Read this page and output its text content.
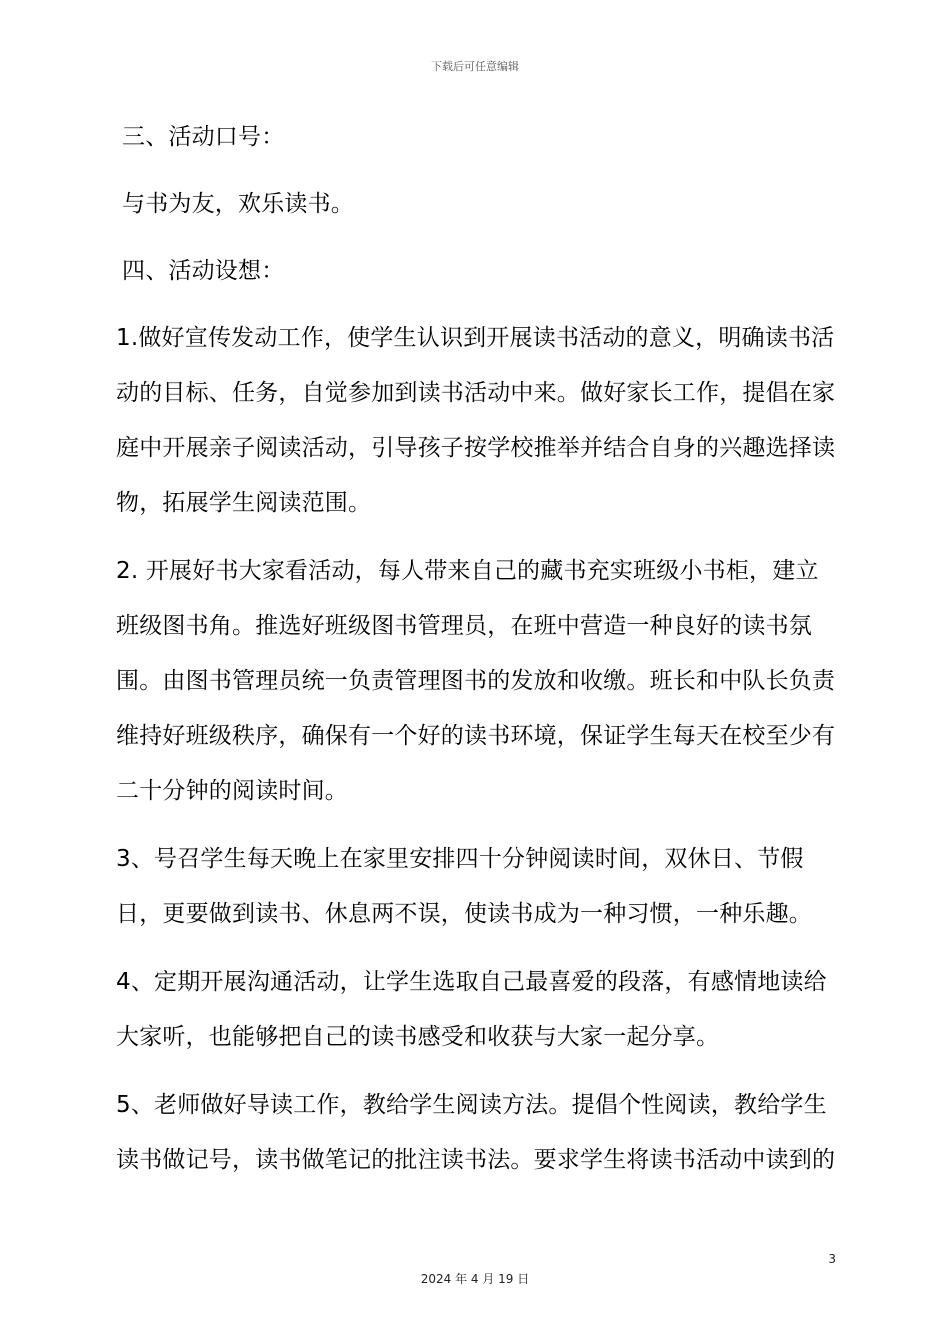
下载后可任意编辑

三、活动口号：

与书为友，欢乐读书。

四、活动设想：

1.做好宣传发动工作，使学生认识到开展读书活动的意义，明确读书活动的目标、任务，自觉参加到读书活动中来。做好家长工作，提倡在家庭中开展亲子阅读活动，引导孩子按学校推举并结合自身的兴趣选择读物，拓展学生阅读范围。

2. 开展好书大家看活动，每人带来自己的藏书充实班级小书柜，建立班级图书角。推选好班级图书管理员，在班中营造一种良好的读书氛围。由图书管理员统一负责管理图书的发放和收缴。班长和中队长负责维持好班级秩序，确保有一个好的读书环境，保证学生每天在校至少有二十分钟的阅读时间。

3、号召学生每天晚上在家里安排四十分钟阅读时间，双休日、节假日，更要做到读书、休息两不误，使读书成为一种习惯，一种乐趣。

4、定期开展沟通活动，让学生选取自己最喜爱的段落，有感情地读给大家听，也能够把自己的读书感受和收获与大家一起分享。

5、老师做好导读工作，教给学生阅读方法。提倡个性阅读，教给学生读书做记号，读书做笔记的批注读书法。要求学生将读书活动中读到的

3
2024 年 4 月 19 日
